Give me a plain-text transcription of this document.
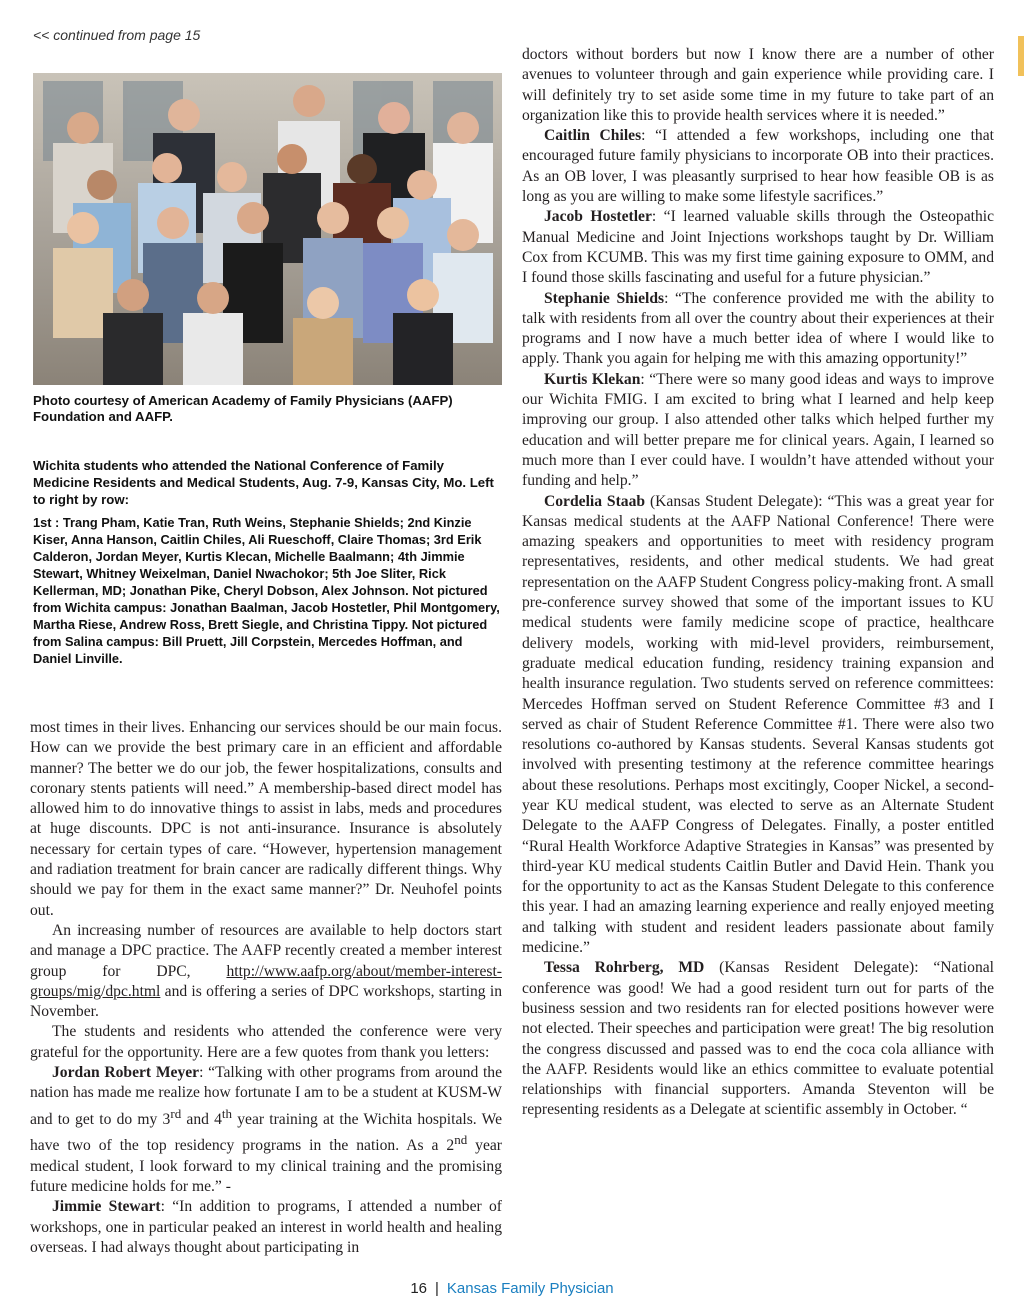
<< continued from page 15
Photo courtesy of American Academy of Family Physicians (AAFP) Foundation and AAFP.
Wichita students who attended the National Conference of Family Medicine Residents and Medical Students, Aug. 7-9, Kansas City, Mo. Left to right by row:
1st : Trang Pham, Katie Tran, Ruth Weins, Stephanie Shields; 2nd Kinzie Kiser, Anna Hanson, Caitlin Chiles, Ali Rueschoff, Claire Thomas; 3rd Erik Calderon, Jordan Meyer, Kurtis Klecan, Michelle Baalmann; 4th Jimmie Stewart, Whitney Weixelman, Daniel Nwachokor; 5th Joe Sliter, Rick Kellerman, MD; Jonathan Pike, Cheryl Dobson, Alex Johnson. Not pictured from Wichita campus: Jonathan Baalman, Jacob Hostetler, Phil Montgomery, Martha Riese, Andrew Ross, Brett Siegle, and Christina Tippy. Not pictured from Salina campus: Bill Pruett, Jill Corpstein, Mercedes Hoffman, and Daniel Linville.

most times in their lives. Enhancing our services should be our main focus. How can we provide the best primary care in an efficient and affordable manner? The better we do our job, the fewer hospitalizations, consults and coronary stents patients will need.” A membership-based direct model has allowed him to do innovative things to assist in labs, meds and procedures at huge discounts. DPC is not anti-insurance. Insurance is absolutely necessary for certain types of care. “However, hypertension management and radiation treatment for brain cancer are radically different things. Why should we pay for them in the exact same manner?” Dr. Neuhofel points out.

An increasing number of resources are available to help doctors start and manage a DPC practice. The AAFP recently created a member interest group for DPC, http://www.aafp.org/about/member-interest-groups/mig/dpc.html and is offering a series of DPC workshops, starting in November.

The students and residents who attended the conference were very grateful for the opportunity. Here are a few quotes from thank you letters:

Jordan Robert Meyer: “Talking with other programs from around the nation has made me realize how fortunate I am to be a student at KUSM-W and to get to do my 3rd and 4th year training at the Wichita hospitals. We have two of the top residency programs in the nation. As a 2nd year medical student, I look forward to my clinical training and the promising future medicine holds for me.” -

Jimmie Stewart: “In addition to programs, I attended a number of workshops, one in particular peaked an interest in world health and healing overseas. I had always thought about participating in

doctors without borders but now I know there are a number of other avenues to volunteer through and gain experience while providing care. I will definitely try to set aside some time in my future to take part of an organization like this to provide health services where it is needed.”

Caitlin Chiles: “I attended a few workshops, including one that encouraged future family physicians to incorporate OB into their practices. As an OB lover, I was pleasantly surprised to hear how feasible OB is as long as you are willing to make some lifestyle sacrifices.”

Jacob Hostetler: “I learned valuable skills through the Osteopathic Manual Medicine and Joint Injections workshops taught by Dr. William Cox from KCUMB. This was my first time gaining exposure to OMM, and I found those skills fascinating and useful for a future physician.”

Stephanie Shields: “The conference provided me with the ability to talk with residents from all over the country about their experiences at their programs and I now have a much better idea of where I would like to apply. Thank you again for helping me with this amazing opportunity!”

Kurtis Klekan: “There were so many good ideas and ways to improve our Wichita FMIG. I am excited to bring what I learned and help keep improving our group. I also attended other talks which helped further my education and will better prepare me for clinical years. Again, I learned so much more than I ever could have. I wouldn’t have attended without your funding and help.”

Cordelia Staab (Kansas Student Delegate): “This was a great year for Kansas medical students at the AAFP National Conference! There were amazing speakers and opportunities to meet with residency program representatives, residents, and other medical students. We had great representation on the AAFP Student Congress policy-making front. A small pre-conference survey showed that some of the important issues to KU medical students were family medicine scope of practice, healthcare delivery models, working with mid-level providers, reimbursement, graduate medical education funding, residency training expansion and health insurance regulation. Two students served on reference committees: Mercedes Hoffman served on Student Reference Committee #3 and I served as chair of Student Reference Committee #1. There were also two resolutions co-authored by Kansas students. Several Kansas students got involved with presenting testimony at the reference committee hearings about these resolutions. Perhaps most excitingly, Cooper Nickel, a second-year KU medical student, was elected to serve as an Alternate Student Delegate to the AAFP Congress of Delegates. Finally, a poster entitled “Rural Health Workforce Adaptive Strategies in Kansas” was presented by third-year KU medical students Caitlin Butler and David Hein. Thank you for the opportunity to act as the Kansas Student Delegate to this conference this year. I had an amazing learning experience and really enjoyed meeting and talking with student and resident leaders passionate about family medicine.”

Tessa Rohrberg, MD (Kansas Resident Delegate): “National conference was good! We had a good resident turn out for parts of the business session and two residents ran for elected positions however were not elected. Their speeches and participation were great! The big resolution the congress discussed and passed was to end the coca cola alliance with the AAFP. Residents would like an ethics committee to evaluate potential relationships with financial supporters. Amanda Steventon will be representing residents as a Delegate at scientific assembly in October. “

16 | Kansas Family Physician
